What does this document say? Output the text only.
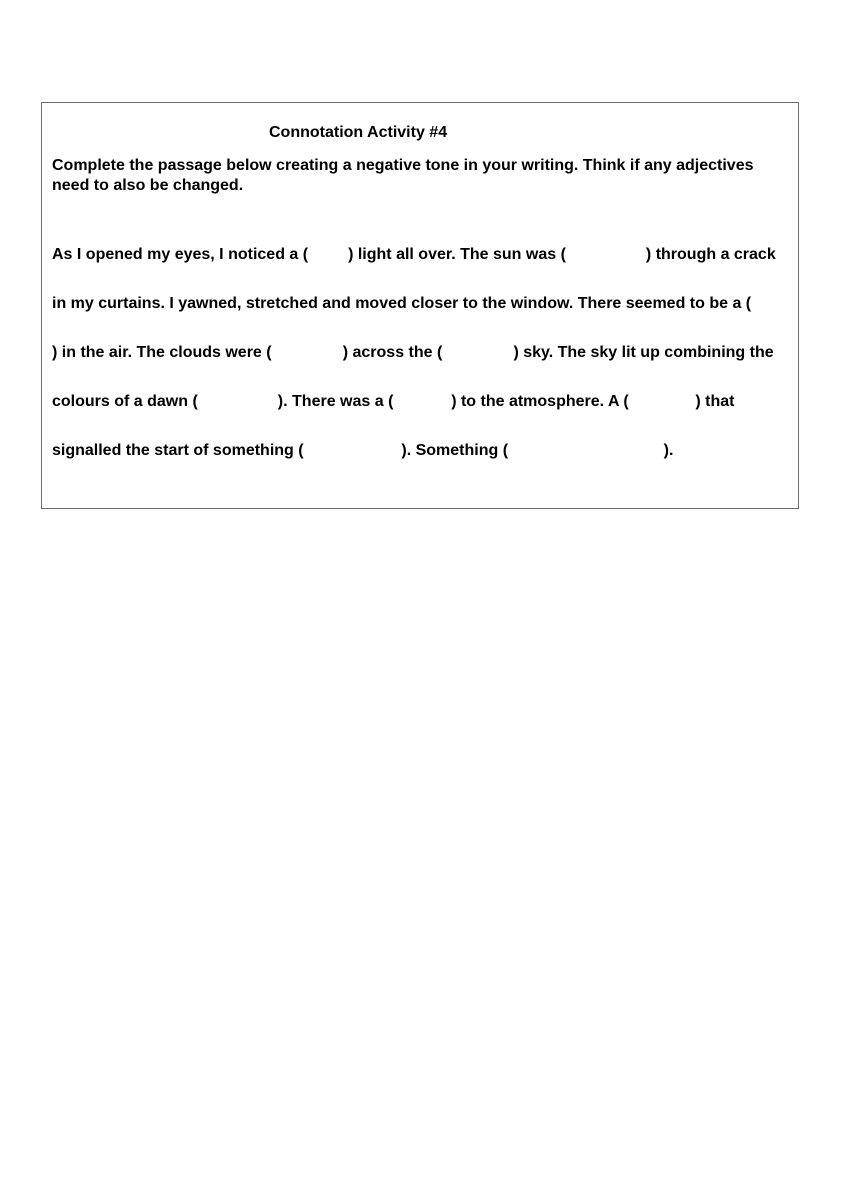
Connotation Activity #4
Complete the passage below creating a negative tone in your writing. Think if any adjectives need to also be changed.
As I opened my eyes, I noticed a (         ) light all over. The sun was (                  ) through a crack
in my curtains. I yawned, stretched and moved closer to the window. There seemed to be a (
) in the air. The clouds were (                ) across the (                ) sky. The sky lit up combining the
colours of a dawn (                  ). There was a (             ) to the atmosphere. A (               ) that
signalled the start of something (                      ). Something (                                   ).
